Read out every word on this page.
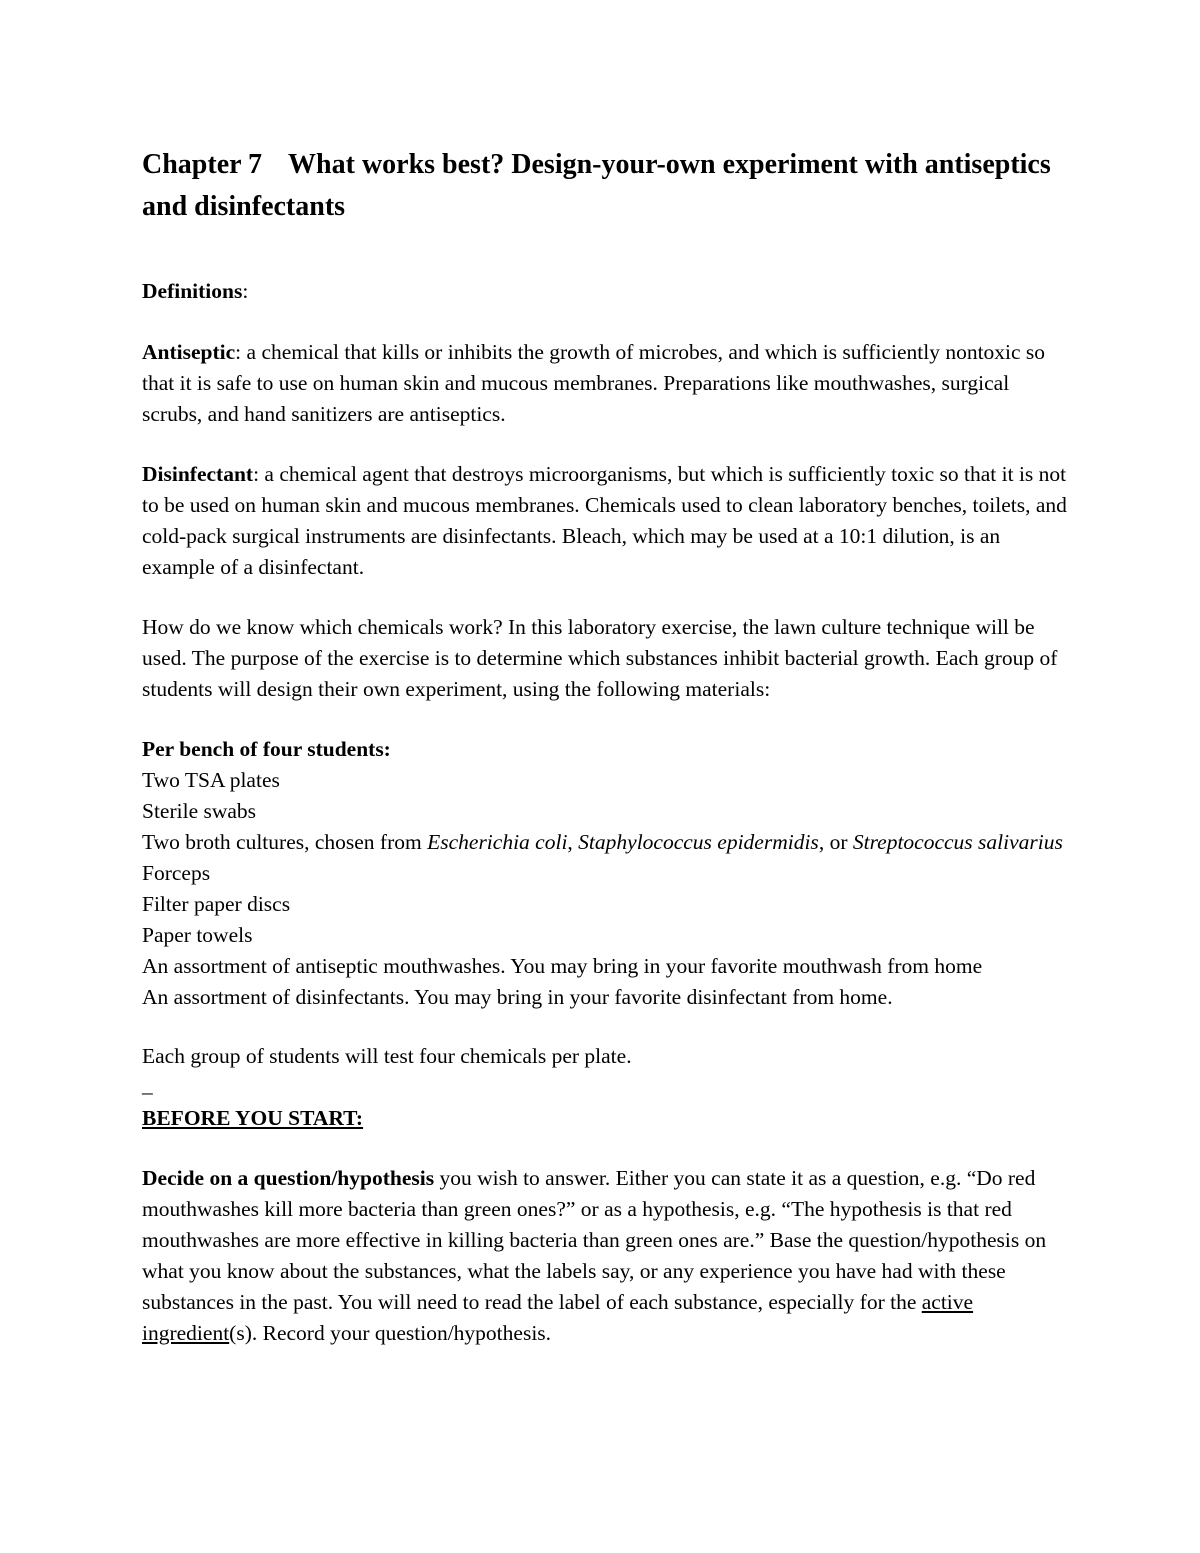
Chapter 7 What works best? Design-your-own experiment with antiseptics and disinfectants

Definitions:

Antiseptic: a chemical that kills or inhibits the growth of microbes, and which is sufficiently nontoxic so that it is safe to use on human skin and mucous membranes. Preparations like mouthwashes, surgical scrubs, and hand sanitizers are antiseptics.

Disinfectant: a chemical agent that destroys microorganisms, but which is sufficiently toxic so that it is not to be used on human skin and mucous membranes. Chemicals used to clean laboratory benches, toilets, and cold-pack surgical instruments are disinfectants. Bleach, which may be used at a 10:1 dilution, is an example of a disinfectant.

How do we know which chemicals work? In this laboratory exercise, the lawn culture technique will be used. The purpose of the exercise is to determine which substances inhibit bacterial growth. Each group of students will design their own experiment, using the following materials:

Per bench of four students:

Two TSA plates

Sterile swabs

Two broth cultures, chosen from Escherichia coli, Staphylococcus epidermidis, or Streptococcus salivarius

Forceps

Filter paper discs

Paper towels

An assortment of antiseptic mouthwashes. You may bring in your favorite mouthwash from home

An assortment of disinfectants. You may bring in your favorite disinfectant from home.

Each group of students will test four chemicals per plate.

–

BEFORE YOU START:

Decide on a question/hypothesis you wish to answer. Either you can state it as a question, e.g. “Do red mouthwashes kill more bacteria than green ones?” or as a hypothesis, e.g. “The hypothesis is that red mouthwashes are more effective in killing bacteria than green ones are.” Base the question/hypothesis on what you know about the substances, what the labels say, or any experience you have had with these substances in the past. You will need to read the label of each substance, especially for the active ingredient(s). Record your question/hypothesis.
